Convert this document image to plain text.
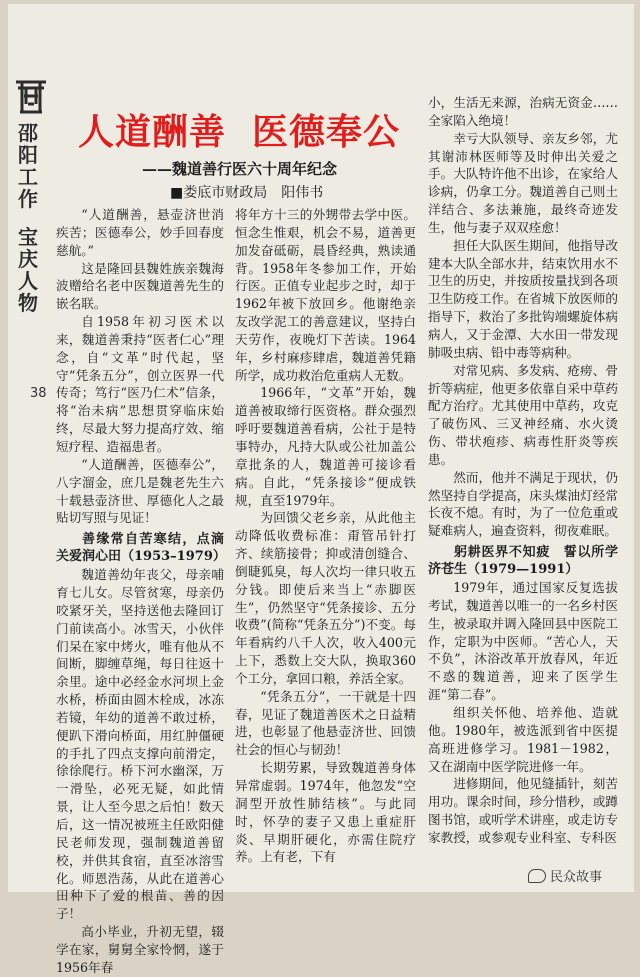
邵阳工作
宝庆人物
38
人道酬善 医德奉公
——魏道善行医六十周年纪念
■娄底市财政局 阳伟书

“人道酬善，悬壶济世消疾苦；医德奉公，妙手回春度慈航。”

这是隆回县魏姓族亲魏海波赠给名老中医魏道善先生的嵌名联。

自1958年初习医术以来，魏道善秉持“医者仁心”理念，自“文革”时代起，坚守“凭条五分”，创立医界一代传奇；笃行“医乃仁术”信条，将“治未病”思想贯穿临床始终，尽最大努力提高疗效、缩短疗程、造福患者。

“人道酬善，医德奉公”，八字溜金，庶几是魏老先生六十载悬壶济世、厚德化人之最贴切写照与见证！

善缘常自苦寒结，点滴关爱润心田（1953–1979）

魏道善幼年丧父，母亲哺育七儿女。尽管贫寒，母亲仍咬紧牙关，坚持送他去隆回订门前读高小。冰雪天，小伙伴们呆在家中烤火，唯有他从不间断，脚缠草绳，每日往返十余里。途中必经金水河坝上金水桥，桥面由圆木栓成，冰冻若镜，年幼的道善不敢过桥，便趴下滑向桥面，用红肿僵硬的手扎了四点支撑向前滑定，徐徐爬行。桥下河水幽深，万一滑坠，必死无疑，如此情景，让人至今思之后怕！数天后，这一情况被班主任欧阳健民老师发现，强制魏道善留校，并供其食宿，直至冰溶雪化。师恩浩荡，从此在道善心田种下了爱的根苗、善的因子！

高小毕业，升初无望，辍学在家，舅舅全家怜惘，遂于1956年春

将年方十三的外甥带去学中医。恒念生惟艰，机会不易，道善更加发奋砥砺，晨昏经典，熟读通背。1958年冬参加工作，开始行医。正值专业起步之时，却于1962年被下放回乡。他谢绝亲友改学泥工的善意建议，坚持白天劳作，夜晚灯下苦读。1964年，乡村麻疹肆虐，魏道善凭籍所学，成功救治危重病人无数。

1966年，“文革”开始，魏道善被取缔行医资格。群众强烈呼吁要魏道善看病，公社于是特事特办，凡持大队或公社加盖公章批条的人，魏道善可接诊看病。自此，“凭条接诊”便成铁规，直至1979年。

为回馈父老乡亲，从此他主动降低收费标准：甭管吊针打齐、续筋接骨；抑或清创缝合、倒睫狐臭，每人次均一律只收五分钱。即使后来当上“赤脚医生”，仍然坚守“凭条接诊、五分收费”(简称“凭条五分”)不变。每年看病约八千人次，收入400元上下，悉数上交大队，换取360个工分，拿回口粮，养活全家。

“凭条五分”，一干就是十四春，见证了魏道善医术之日益精进，也彰显了他悬壶济世、回馈社会的恒心与韧劲！

长期劳累，导致魏道善身体异常虚弱。1974年，他忽发“空洞型开放性肺结核”。与此同时，怀孕的妻子又患上重症肝炎、早期肝硬化，亦需住院疗养。上有老，下有

小，生活无来源，治病无资金……全家陷入绝境！

幸亏大队领导、亲友乡邻，尤其谢沛林医师等及时伸出关爱之手。大队特许他不出诊，在家给人诊病，仍拿工分。魏道善自己则土洋结合、多法兼施，最终奇迹发生，他与妻子双双痊愈！

担任大队医生期间，他指导改建本大队全部水井，结束饮用水不卫生的历史，并按质按量找到各项卫生防疫工作。在省城下放医师的指导下，救治了多批钩端螺旋体病病人，又于金潭、大水田一带发现肺吸虫病、铅中毒等病种。

对常见病、多发病、疮痨、骨折等病症，他更多依靠自采中草药配方治疗。尤其使用中草药，攻克了破伤风、三叉神经痛、水火烫伤、带状疱疹、病毒性肝炎等疾患。

然而，他并不满足于现状，仍然坚持自学提高，床头煤油灯经常长夜不熄。有时，为了一位危重或疑难病人，遍查资料，彻夜难眠。

躬耕医界不知疲　誓以所学济苍生（1979—1991）

1979年，通过国家反复选拔考试，魏道善以唯一的一名乡村医生，被录取并调入隆回县中医院工作，定职为中医师。“苦心人，天不负”，沐浴改革开放春风，年近不惑的魏道善，迎来了医学生涯“第二春”。

组织关怀他、培养他、造就他。1980年，被选派到省中医提高班进修学习。1981－1982，又在湖南中医学院进修一年。

进修期间，他见缝插针，刻苦用功。课余时间，珍分惜秒，或蹲图书馆，或听学术讲座，或走访专家教授，或参观专业科室、专科医

民众故事
